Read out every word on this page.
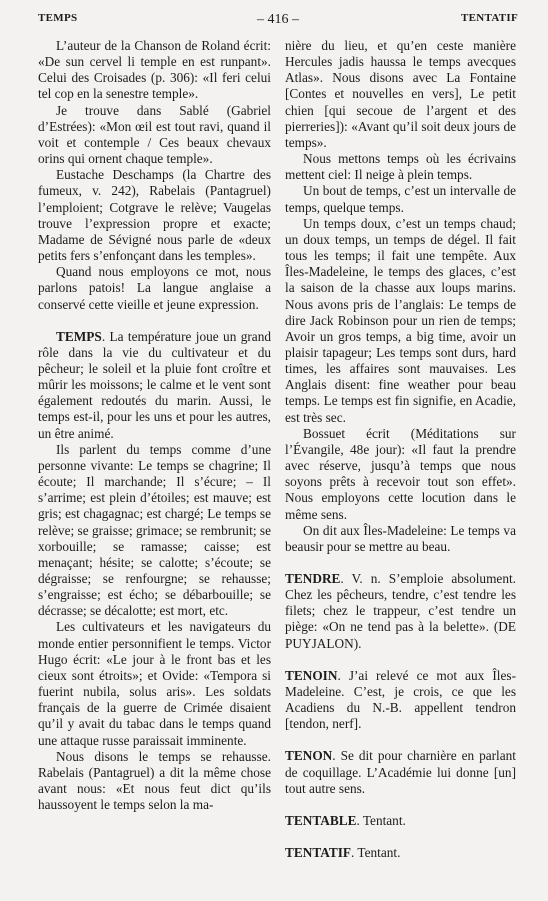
TEMPS	– 416 –	TENTATIF

L’auteur de la Chanson de Roland écrit: «De sun cervel li temple en est runpant». Celui des Croisades (p. 306): «Il feri celui tel cop en la senestre temple».

Je trouve dans Sablé (Gabriel d’Estrées): «Mon œil est tout ravi, quand il voit et contemple / Ces beaux chevaux orins qui ornent chaque temple».

Eustache Deschamps (la Chartre des fumeux, v. 242), Rabelais (Pantagruel) l’emploient; Cotgrave le relève; Vaugelas trouve l’expression propre et exacte; Madame de Sévigné nous parle de «deux petits fers s’enfonçant dans les temples».

Quand nous employons ce mot, nous parlons patois! La langue anglaise a conservé cette vieille et jeune expression.

TEMPS. La température joue un grand rôle dans la vie du cultivateur et du pêcheur; le soleil et la pluie font croître et mûrir les moissons; le calme et le vent sont également redoutés du marin. Aussi, le temps est-il, pour les uns et pour les autres, un être animé.

Ils parlent du temps comme d’une personne vivante: Le temps se chagrine; Il écoute; Il marchande; Il s’écure; – Il s’arrime; est plein d’étoiles; est mauve; est gris; est chagagnac; est chargé; Le temps se relève; se graisse; grimace; se rembrunit; se xorbouille; se ramasse; caisse; est menaçant; hésite; se calotte; s’écoute; se dégraisse; se renfourgne; se rehausse; s’engraisse; est écho; se débarbouille; se décrasse; se décalotte; est mort, etc.

Les cultivateurs et les navigateurs du monde entier personnifient le temps. Victor Hugo écrit: «Le jour à le front bas et les cieux sont étroits»; et Ovide: «Tempora si fuerint nubila, solus aris». Les soldats français de la guerre de Crimée disaient qu’il y avait du tabac dans le temps quand une attaque russe paraissait imminente.

Nous disons le temps se rehausse. Rabelais (Pantagruel) a dit la même chose avant nous: «Et nous feut dict qu’ils haussoyent le temps selon la ma-

nière du lieu, et qu’en ceste manière Hercules jadis haussa le temps avecques Atlas». Nous disons avec La Fontaine [Contes et nouvelles en vers], Le petit chien [qui secoue de l’argent et des pierreries]): «Avant qu’il soit deux jours de temps».

Nous mettons temps où les écrivains mettent ciel: Il neige à plein temps.

Un bout de temps, c’est un intervalle de temps, quelque temps.

Un temps doux, c’est un temps chaud; un doux temps, un temps de dégel. Il fait tous les temps; il fait une tempête. Aux Îles-Madeleine, le temps des glaces, c’est la saison de la chasse aux loups marins. Nous avons pris de l’anglais: Le temps de dire Jack Robinson pour un rien de temps; Avoir un gros temps, a big time, avoir un plaisir tapageur; Les temps sont durs, hard times, les affaires sont mauvaises. Les Anglais disent: fine weather pour beau temps. Le temps est fin signifie, en Acadie, est très sec.

Bossuet écrit (Méditations sur l’Évangile, 48e jour): «Il faut la prendre avec réserve, jusqu’à temps que nous soyons prêts à recevoir tout son effet». Nous employons cette locution dans le même sens.

On dit aux Îles-Madeleine: Le temps va beausir pour se mettre au beau.

TENDRE. V. n. S’emploie absolument. Chez les pêcheurs, tendre, c’est tendre les filets; chez le trappeur, c’est tendre un piège: «On ne tend pas à la belette». (DE PUYJALON).

TENOIN. J’ai relevé ce mot aux Îles-Madeleine. C’est, je crois, ce que les Acadiens du N.-B. appellent tendron [tendon, nerf].

TENON. Se dit pour charnière en parlant de coquillage. L’Académie lui donne [un] tout autre sens.

TENTABLE. Tentant.

TENTATIF. Tentant.
